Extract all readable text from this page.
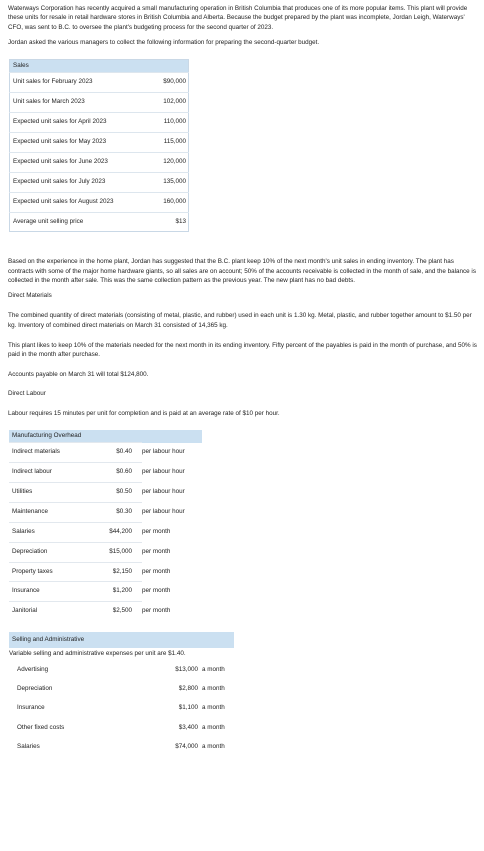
Waterways Corporation has recently acquired a small manufacturing operation in British Columbia that produces one of its more popular items. This plant will provide these units for resale in retail hardware stores in British Columbia and Alberta. Because the budget prepared by the plant was incomplete, Jordan Leigh, Waterways' CFO, was sent to B.C. to oversee the plant's budgeting process for the second quarter of 2023.

Jordan asked the various managers to collect the following information for preparing the second-quarter budget.

Sales	
Unit sales for February 2023	$90,000
Unit sales for March 2023	102,000
Expected unit sales for April 2023	110,000
Expected unit sales for May 2023	115,000
Expected unit sales for June 2023	120,000
Expected unit sales for July 2023	135,000
Expected unit sales for August 2023	160,000
Average unit selling price	$13

Based on the experience in the home plant, Jordan has suggested that the B.C. plant keep 10% of the next month's unit sales in ending inventory. The plant has contracts with some of the major home hardware giants, so all sales are on account; 50% of the accounts receivable is collected in the month of sale, and the balance is collected in the month after sale. This was the same collection pattern as the previous year. The new plant has no bad debts.

Direct Materials

The combined quantity of direct materials (consisting of metal, plastic, and rubber) used in each unit is 1.30 kg. Metal, plastic, and rubber together amount to $1.50 per kg. Inventory of combined direct materials on March 31 consisted of 14,365 kg.

This plant likes to keep 10% of the materials needed for the next month in its ending inventory. Fifty percent of the payables is paid in the month of purchase, and 50% is paid in the month after purchase.

Accounts payable on March 31 will total $124,800.

Direct Labour

Labour requires 15 minutes per unit for completion and is paid at an average rate of $10 per hour.

Manufacturing Overhead		
Indirect materials	$0.40	per labour hour
Indirect labour	$0.60	per labour hour
Utilities	$0.50	per labour hour
Maintenance	$0.30	per labour hour
Salaries	$44,200	per month
Depreciation	$15,000	per month
Property taxes	$2,150	per month
Insurance	$1,200	per month
Janitorial	$2,500	per month
Selling and Administrative
Variable selling and administrative expenses per unit are $1.40.
Advertising	$13,000	a month
Depreciation	$2,800	a month
Insurance	$1,100	a month
Other fixed costs	$3,400	a month
Salaries	$74,000	a month
